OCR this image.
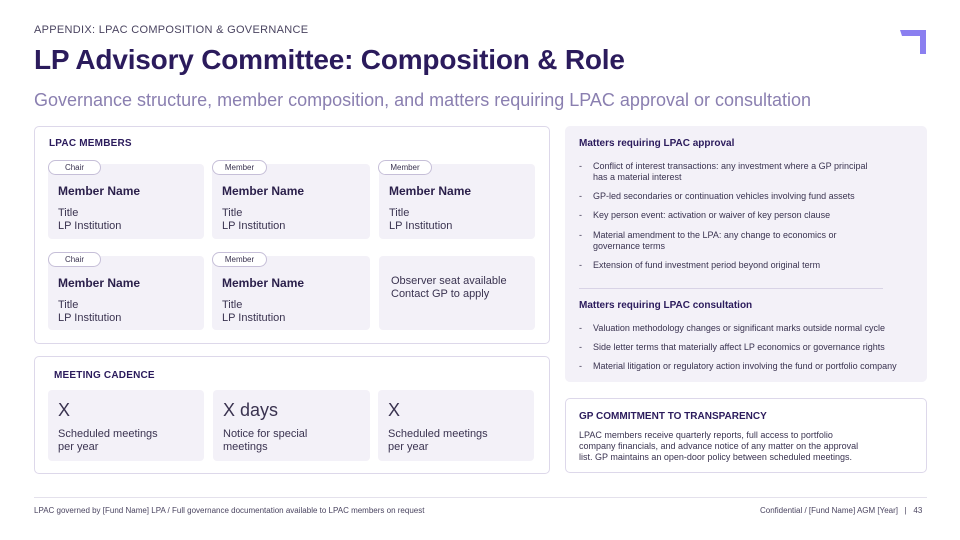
APPENDIX: LPAC COMPOSITION & GOVERNANCE
LP Advisory Committee: Composition & Role
Governance structure, member composition, and matters requiring LPAC approval or consultation
LPAC MEMBERS
Member Name
Title
LP Institution
Chair
Member Name
Title
LP Institution
Member
Member Name
Title
LP Institution
Member
Member Name
Title
LP Institution
Chair
Member Name
Title
LP Institution
Member
Observer seat available
Contact GP to apply
MEETING CADENCE
X
Scheduled meetings
per year
X days
Notice for special
meetings
X
Scheduled meetings
per year
Matters requiring LPAC approval
- Conflict of interest transactions: any investment where a GP principal
has a material interest
- GP-led secondaries or continuation vehicles involving fund assets
- Key person event: activation or waiver of key person clause
- Material amendment to the LPA: any change to economics or
governance terms
- Extension of fund investment period beyond original term
Matters requiring LPAC consultation
- Valuation methodology changes or significant marks outside normal cycle
- Side letter terms that materially affect LP economics or governance rights
- Material litigation or regulatory action involving the fund or portfolio company
GP COMMITMENT TO TRANSPARENCY
LPAC members receive quarterly reports, full access to portfolio
company financials, and advance notice of any matter on the approval
list. GP maintains an open-door policy between scheduled meetings.
LPAC governed by [Fund Name] LPA / Full governance documentation available to LPAC members on request	Confidential / [Fund Name] AGM [Year]   |   43
